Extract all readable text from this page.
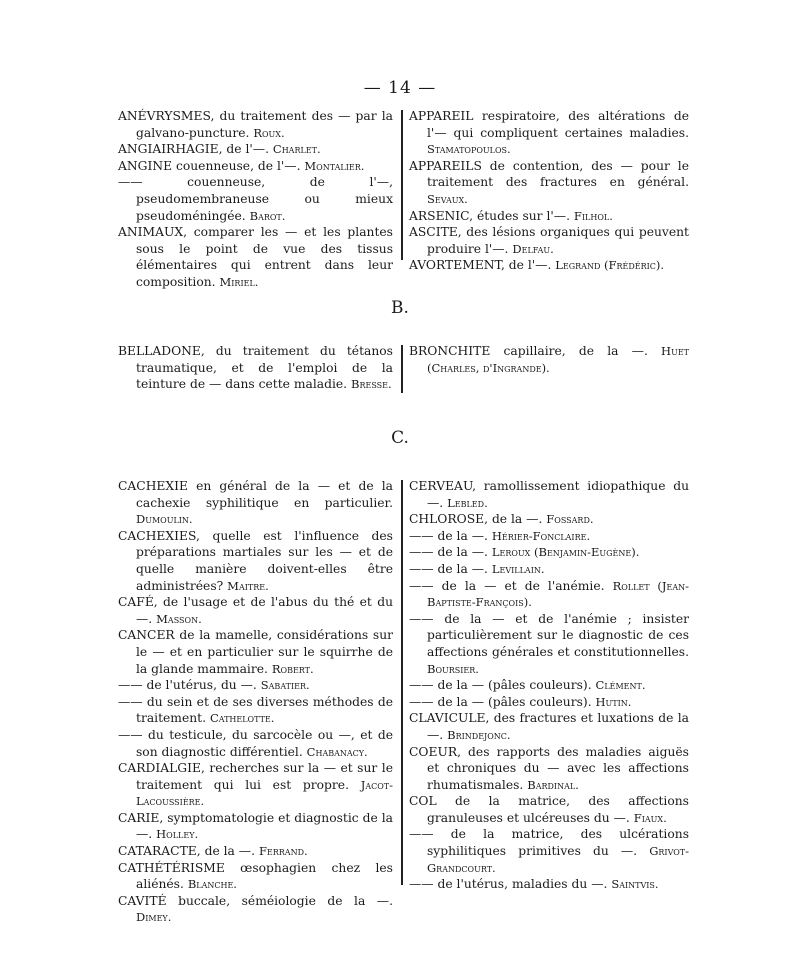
— 14 —

ANÉVRYSMES, du traitement des — par la galvano-puncture. Roux.

ANGIAIRHAGIE, de l'—. Charlet.

ANGINE couenneuse, de l'—. Montalier.

—— couenneuse, de l'—, pseudomembraneuse ou mieux pseudoméningée. Barot.

ANIMAUX, comparer les — et les plantes sous le point de vue des tissus élémentaires qui entrent dans leur composition. Miriel.

APPAREIL respiratoire, des altérations de l'— qui compliquent certaines maladies. Stamatopoulos.

APPAREILS de contention, des — pour le traitement des fractures en général. Sevaux.

ARSENIC, études sur l'—. Filhol.

ASCITE, des lésions organiques qui peuvent produire l'—. Delfau.

AVORTEMENT, de l'—. Legrand (Frédéric).

B.

BELLADONE, du traitement du tétanos traumatique, et de l'emploi de la teinture de — dans cette maladie. Bresse.

BRONCHITE capillaire, de la —. Huet (Charles, d'Ingrande).

C.

CACHEXIE en général de la — et de la cachexie syphilitique en particulier. Dumoulin.

CACHEXIES, quelle est l'influence des préparations martiales sur les — et de quelle manière doivent-elles être administrées? Maitre.

CAFÉ, de l'usage et de l'abus du thé et du —. Masson.

CANCER de la mamelle, considérations sur le — et en particulier sur le squirrhe de la glande mammaire. Robert.

—— de l'utérus, du —. Sabatier.

—— du sein et de ses diverses méthodes de traitement. Cathelotte.

—— du testicule, du sarcocèle ou —, et de son diagnostic différentiel. Chabanacy.

CARDIALGIE, recherches sur la — et sur le traitement qui lui est propre. Jacot-Lacoussière.

CARIE, symptomatologie et diagnostic de la —. Holley.

CATARACTE, de la —. Ferrand.

CATHÉTÉRISME œsophagien chez les aliénés. Blanche.

CAVITÉ buccale, séméiologie de la —. Dimey.

CERVEAU, ramollissement idiopathique du —. Lebled.

CHLOROSE, de la —. Fossard.

—— de la —. Hérier-Fonclaire.

—— de la —. Leroux (Benjamin-Eugène).

—— de la —. Levillain.

—— de la — et de l'anémie. Rollet (Jean-Baptiste-François).

—— de la — et de l'anémie ; insister particulièrement sur le diagnostic de ces affections générales et constitutionnelles. Boursier.

—— de la — (pâles couleurs). Clément.

—— de la — (pâles couleurs). Hutin.

CLAVICULE, des fractures et luxations de la —. Brindejonc.

COEUR, des rapports des maladies aiguës et chroniques du — avec les affections rhumatismales. Bardinal.

COL de la matrice, des affections granuleuses et ulcéreuses du —. Fiaux.

—— de la matrice, des ulcérations syphilitiques primitives du —. Grivot-Grandcourt.

—— de l'utérus, maladies du —. Saintvis.
